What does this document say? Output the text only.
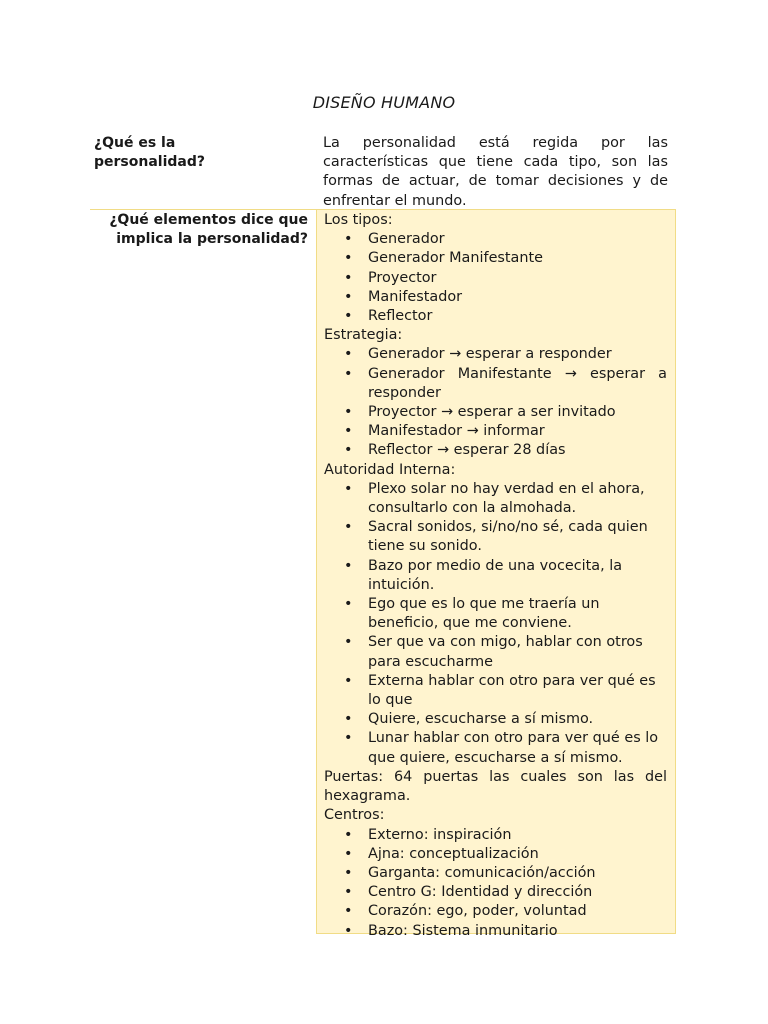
DISEÑO HUMANO
¿Qué es la personalidad?
La personalidad está regida por las características que tiene cada tipo, son las formas de actuar, de tomar decisiones y de enfrentar el mundo.
¿Qué elementos dice que implica la personalidad?
Los tipos:
• Generador
• Generador Manifestante
• Proyector
• Manifestador
• Reflector
Estrategia:
• Generador → esperar a responder
• Generador Manifestante → esperar a responder
• Proyector → esperar a ser invitado
• Manifestador → informar
• Reflector → esperar 28 días
Autoridad Interna:
• Plexo solar no hay verdad en el ahora, consultarlo con la almohada.
• Sacral sonidos, si/no/no sé, cada quien tiene su sonido.
• Bazo por medio de una vocecita, la intuición.
• Ego que es lo que me traería un beneficio, que me conviene.
• Ser que va con migo, hablar con otros para escucharme
• Externa hablar con otro para ver qué es lo que
• Quiere, escucharse a sí mismo.
• Lunar hablar con otro para ver qué es lo que quiere, escucharse a sí mismo.
Puertas: 64 puertas las cuales son las del hexagrama.
Centros:
• Externo: inspiración
• Ajna: conceptualización
• Garganta: comunicación/acción
• Centro G: Identidad y dirección
• Corazón: ego, poder, voluntad
• Bazo: Sistema inmunitario
